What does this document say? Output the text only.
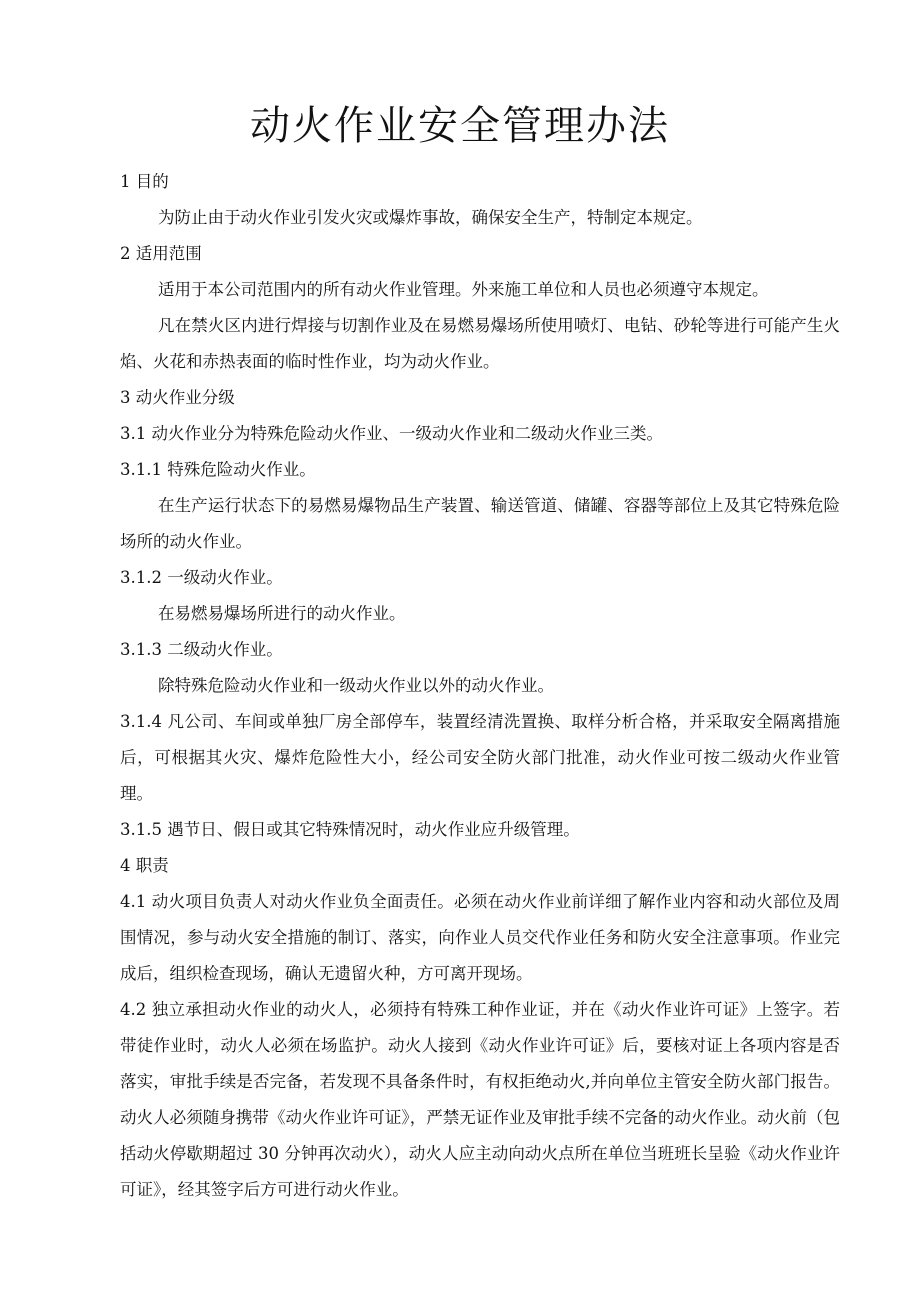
动火作业安全管理办法

1 目的

为防止由于动火作业引发火灾或爆炸事故，确保安全生产，特制定本规定。

2 适用范围

适用于本公司范围内的所有动火作业管理。外来施工单位和人员也必须遵守本规定。

凡在禁火区内进行焊接与切割作业及在易燃易爆场所使用喷灯、电钻、砂轮等进行可能产生火焰、火花和赤热表面的临时性作业，均为动火作业。

3 动火作业分级

3.1 动火作业分为特殊危险动火作业、一级动火作业和二级动火作业三类。

3.1.1 特殊危险动火作业。

在生产运行状态下的易燃易爆物品生产装置、输送管道、储罐、容器等部位上及其它特殊危险场所的动火作业。

3.1.2 一级动火作业。

在易燃易爆场所进行的动火作业。

3.1.3 二级动火作业。

除特殊危险动火作业和一级动火作业以外的动火作业。

3.1.4 凡公司、车间或单独厂房全部停车，装置经清洗置换、取样分析合格，并采取安全隔离措施后，可根据其火灾、爆炸危险性大小，经公司安全防火部门批准，动火作业可按二级动火作业管理。

3.1.5 遇节日、假日或其它特殊情况时，动火作业应升级管理。

4 职责

4.1 动火项目负责人对动火作业负全面责任。必须在动火作业前详细了解作业内容和动火部位及周围情况，参与动火安全措施的制订、落实，向作业人员交代作业任务和防火安全注意事项。作业完成后，组织检查现场，确认无遗留火种，方可离开现场。

4.2 独立承担动火作业的动火人，必须持有特殊工种作业证，并在《动火作业许可证》上签字。若带徒作业时，动火人必须在场监护。动火人接到《动火作业许可证》后，要核对证上各项内容是否落实，审批手续是否完备，若发现不具备条件时，有权拒绝动火,并向单位主管安全防火部门报告。动火人必须随身携带《动火作业许可证》，严禁无证作业及审批手续不完备的动火作业。动火前（包括动火停歇期超过 30 分钟再次动火），动火人应主动向动火点所在单位当班班长呈验《动火作业许可证》，经其签字后方可进行动火作业。
